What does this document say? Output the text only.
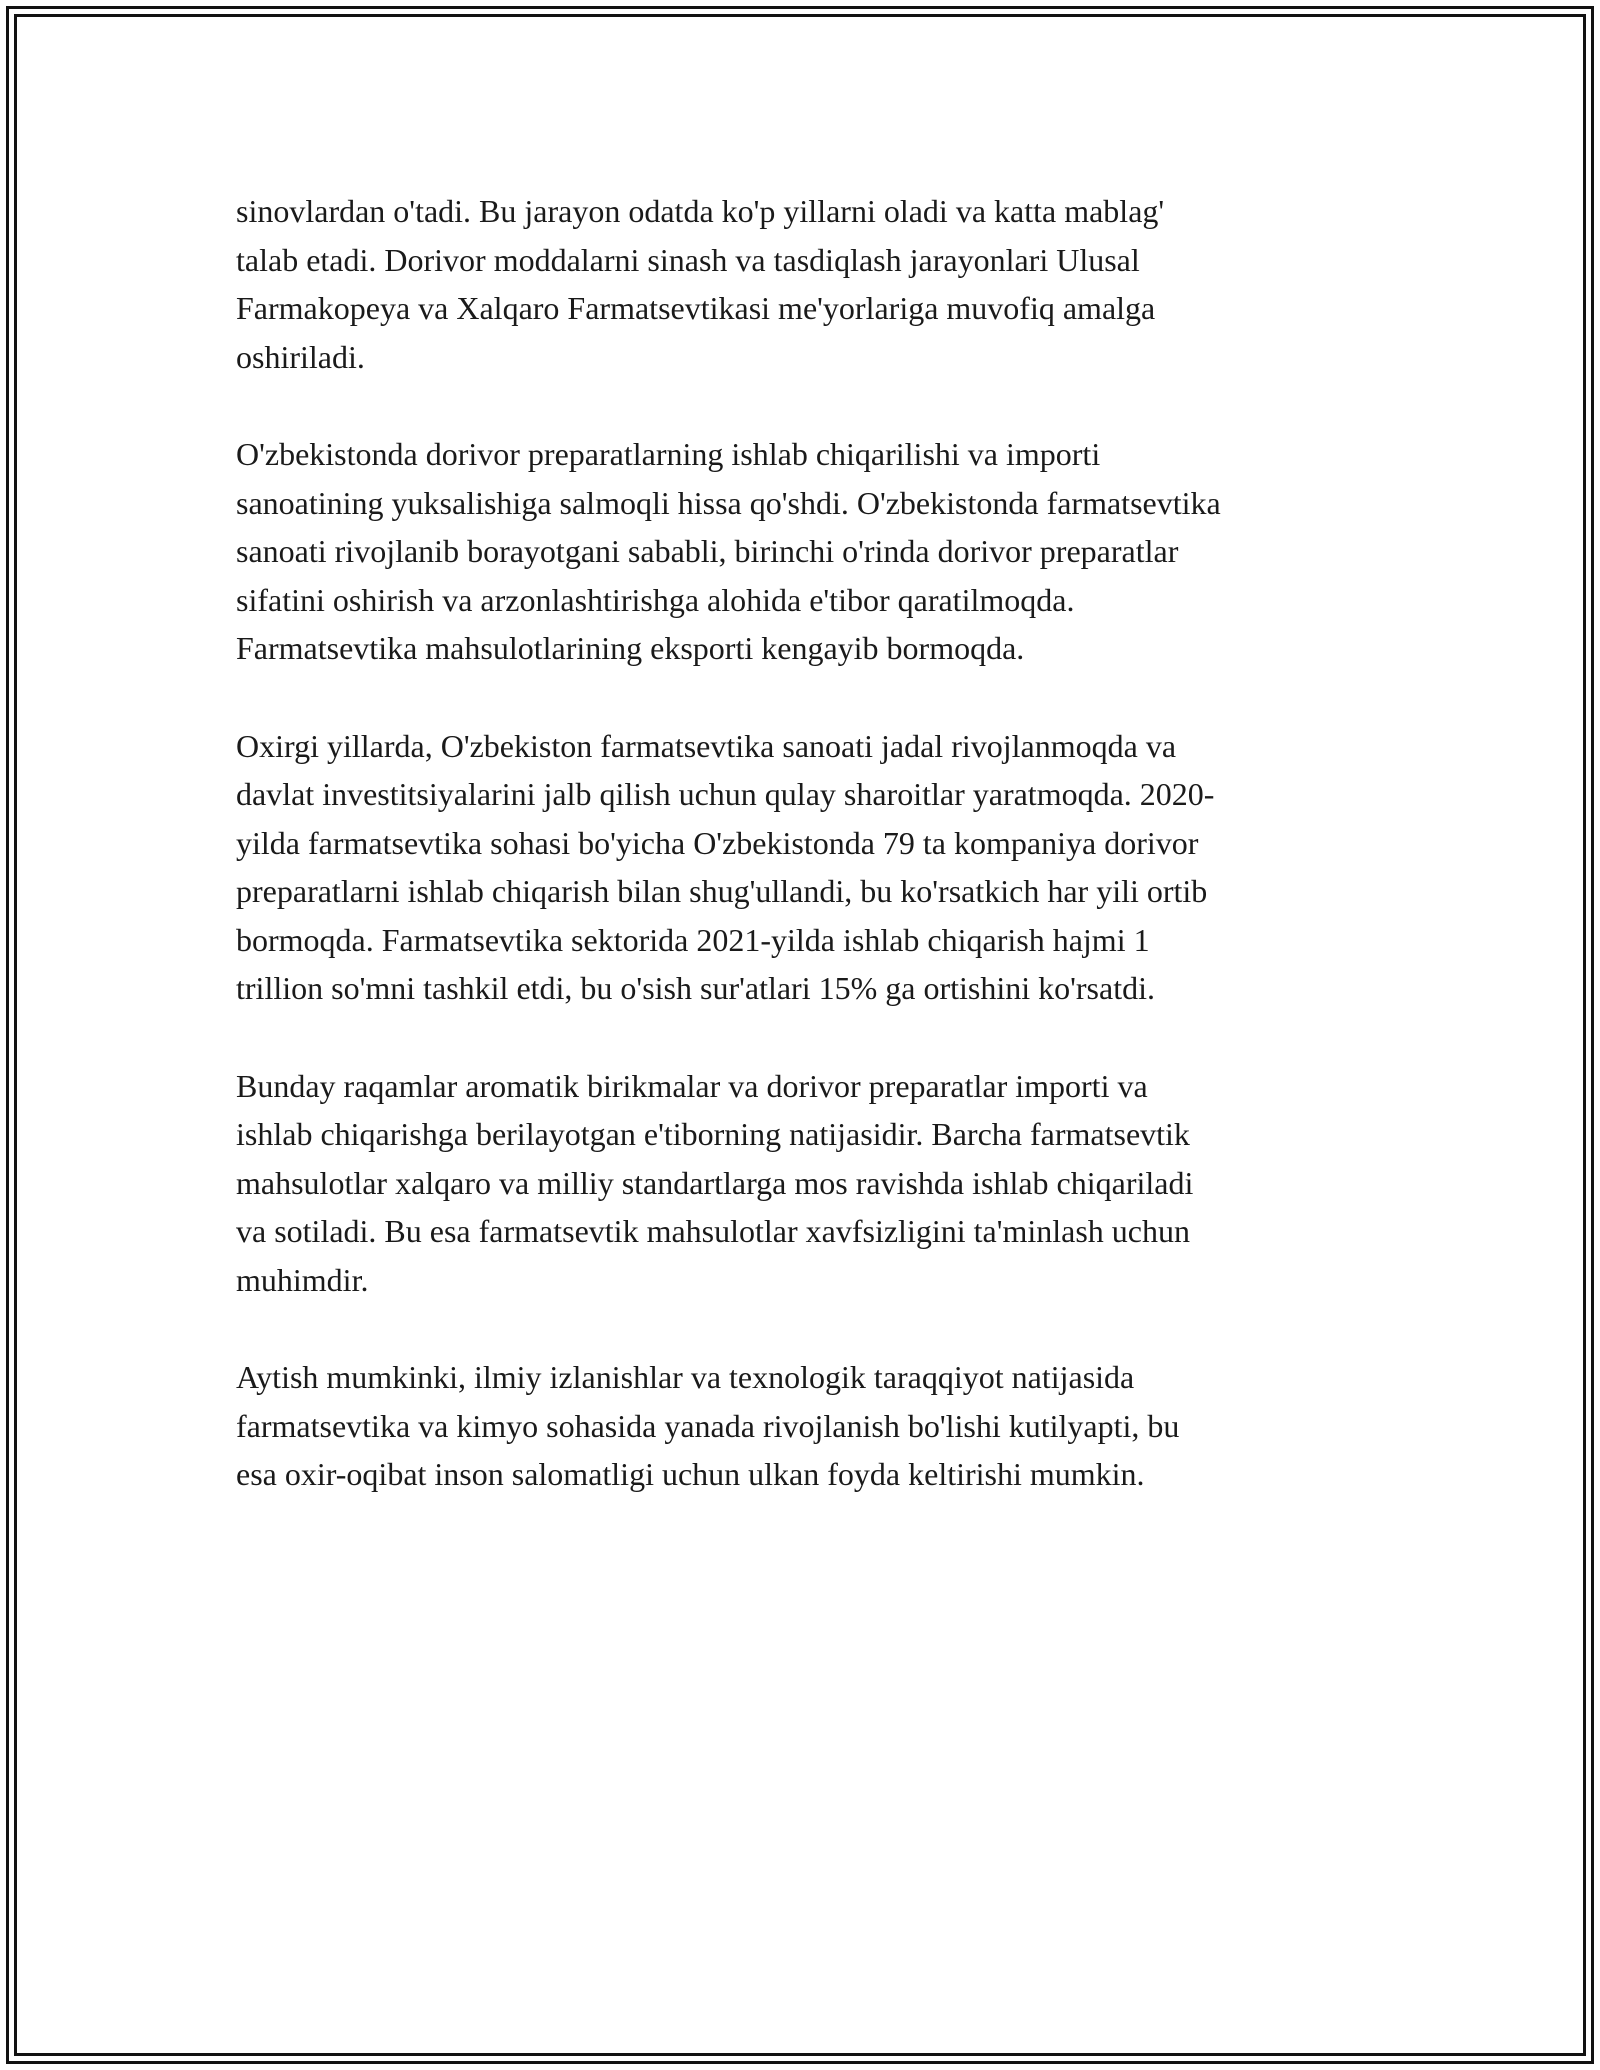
sinovlardan o'tadi. Bu jarayon odatda ko'p yillarni oladi va katta mablag'
talab etadi. Dorivor moddalarni sinash va tasdiqlash jarayonlari Ulusal
Farmakopeya va Xalqaro Farmatsevtikasi me'yorlariga muvofiq amalga
oshiriladi.

O'zbekistonda dorivor preparatlarning ishlab chiqarilishi va importi
sanoatining yuksalishiga salmoqli hissa qo'shdi. O'zbekistonda farmatsevtika
sanoati rivojlanib borayotgani sababli, birinchi o'rinda dorivor preparatlar
sifatini oshirish va arzonlashtirishga alohida e'tibor qaratilmoqda.
Farmatsevtika mahsulotlarining eksporti kengayib bormoqda.

Oxirgi yillarda, O'zbekiston farmatsevtika sanoati jadal rivojlanmoqda va
davlat investitsiyalarini jalb qilish uchun qulay sharoitlar yaratmoqda. 2020-
yilda farmatsevtika sohasi bo'yicha O'zbekistonda 79 ta kompaniya dorivor
preparatlarni ishlab chiqarish bilan shug'ullandi, bu ko'rsatkich har yili ortib
bormoqda. Farmatsevtika sektorida 2021-yilda ishlab chiqarish hajmi 1
trillion so'mni tashkil etdi, bu o'sish sur'atlari 15% ga ortishini ko'rsatdi.

Bunday raqamlar aromatik birikmalar va dorivor preparatlar importi va
ishlab chiqarishga berilayotgan e'tiborning natijasidir. Barcha farmatsevtik
mahsulotlar xalqaro va milliy standartlarga mos ravishda ishlab chiqariladi
va sotiladi. Bu esa farmatsevtik mahsulotlar xavfsizligini ta'minlash uchun
muhimdir.

Aytish mumkinki, ilmiy izlanishlar va texnologik taraqqiyot natijasida
farmatsevtika va kimyo sohasida yanada rivojlanish bo'lishi kutilyapti, bu
esa oxir-oqibat inson salomatligi uchun ulkan foyda keltirishi mumkin.
